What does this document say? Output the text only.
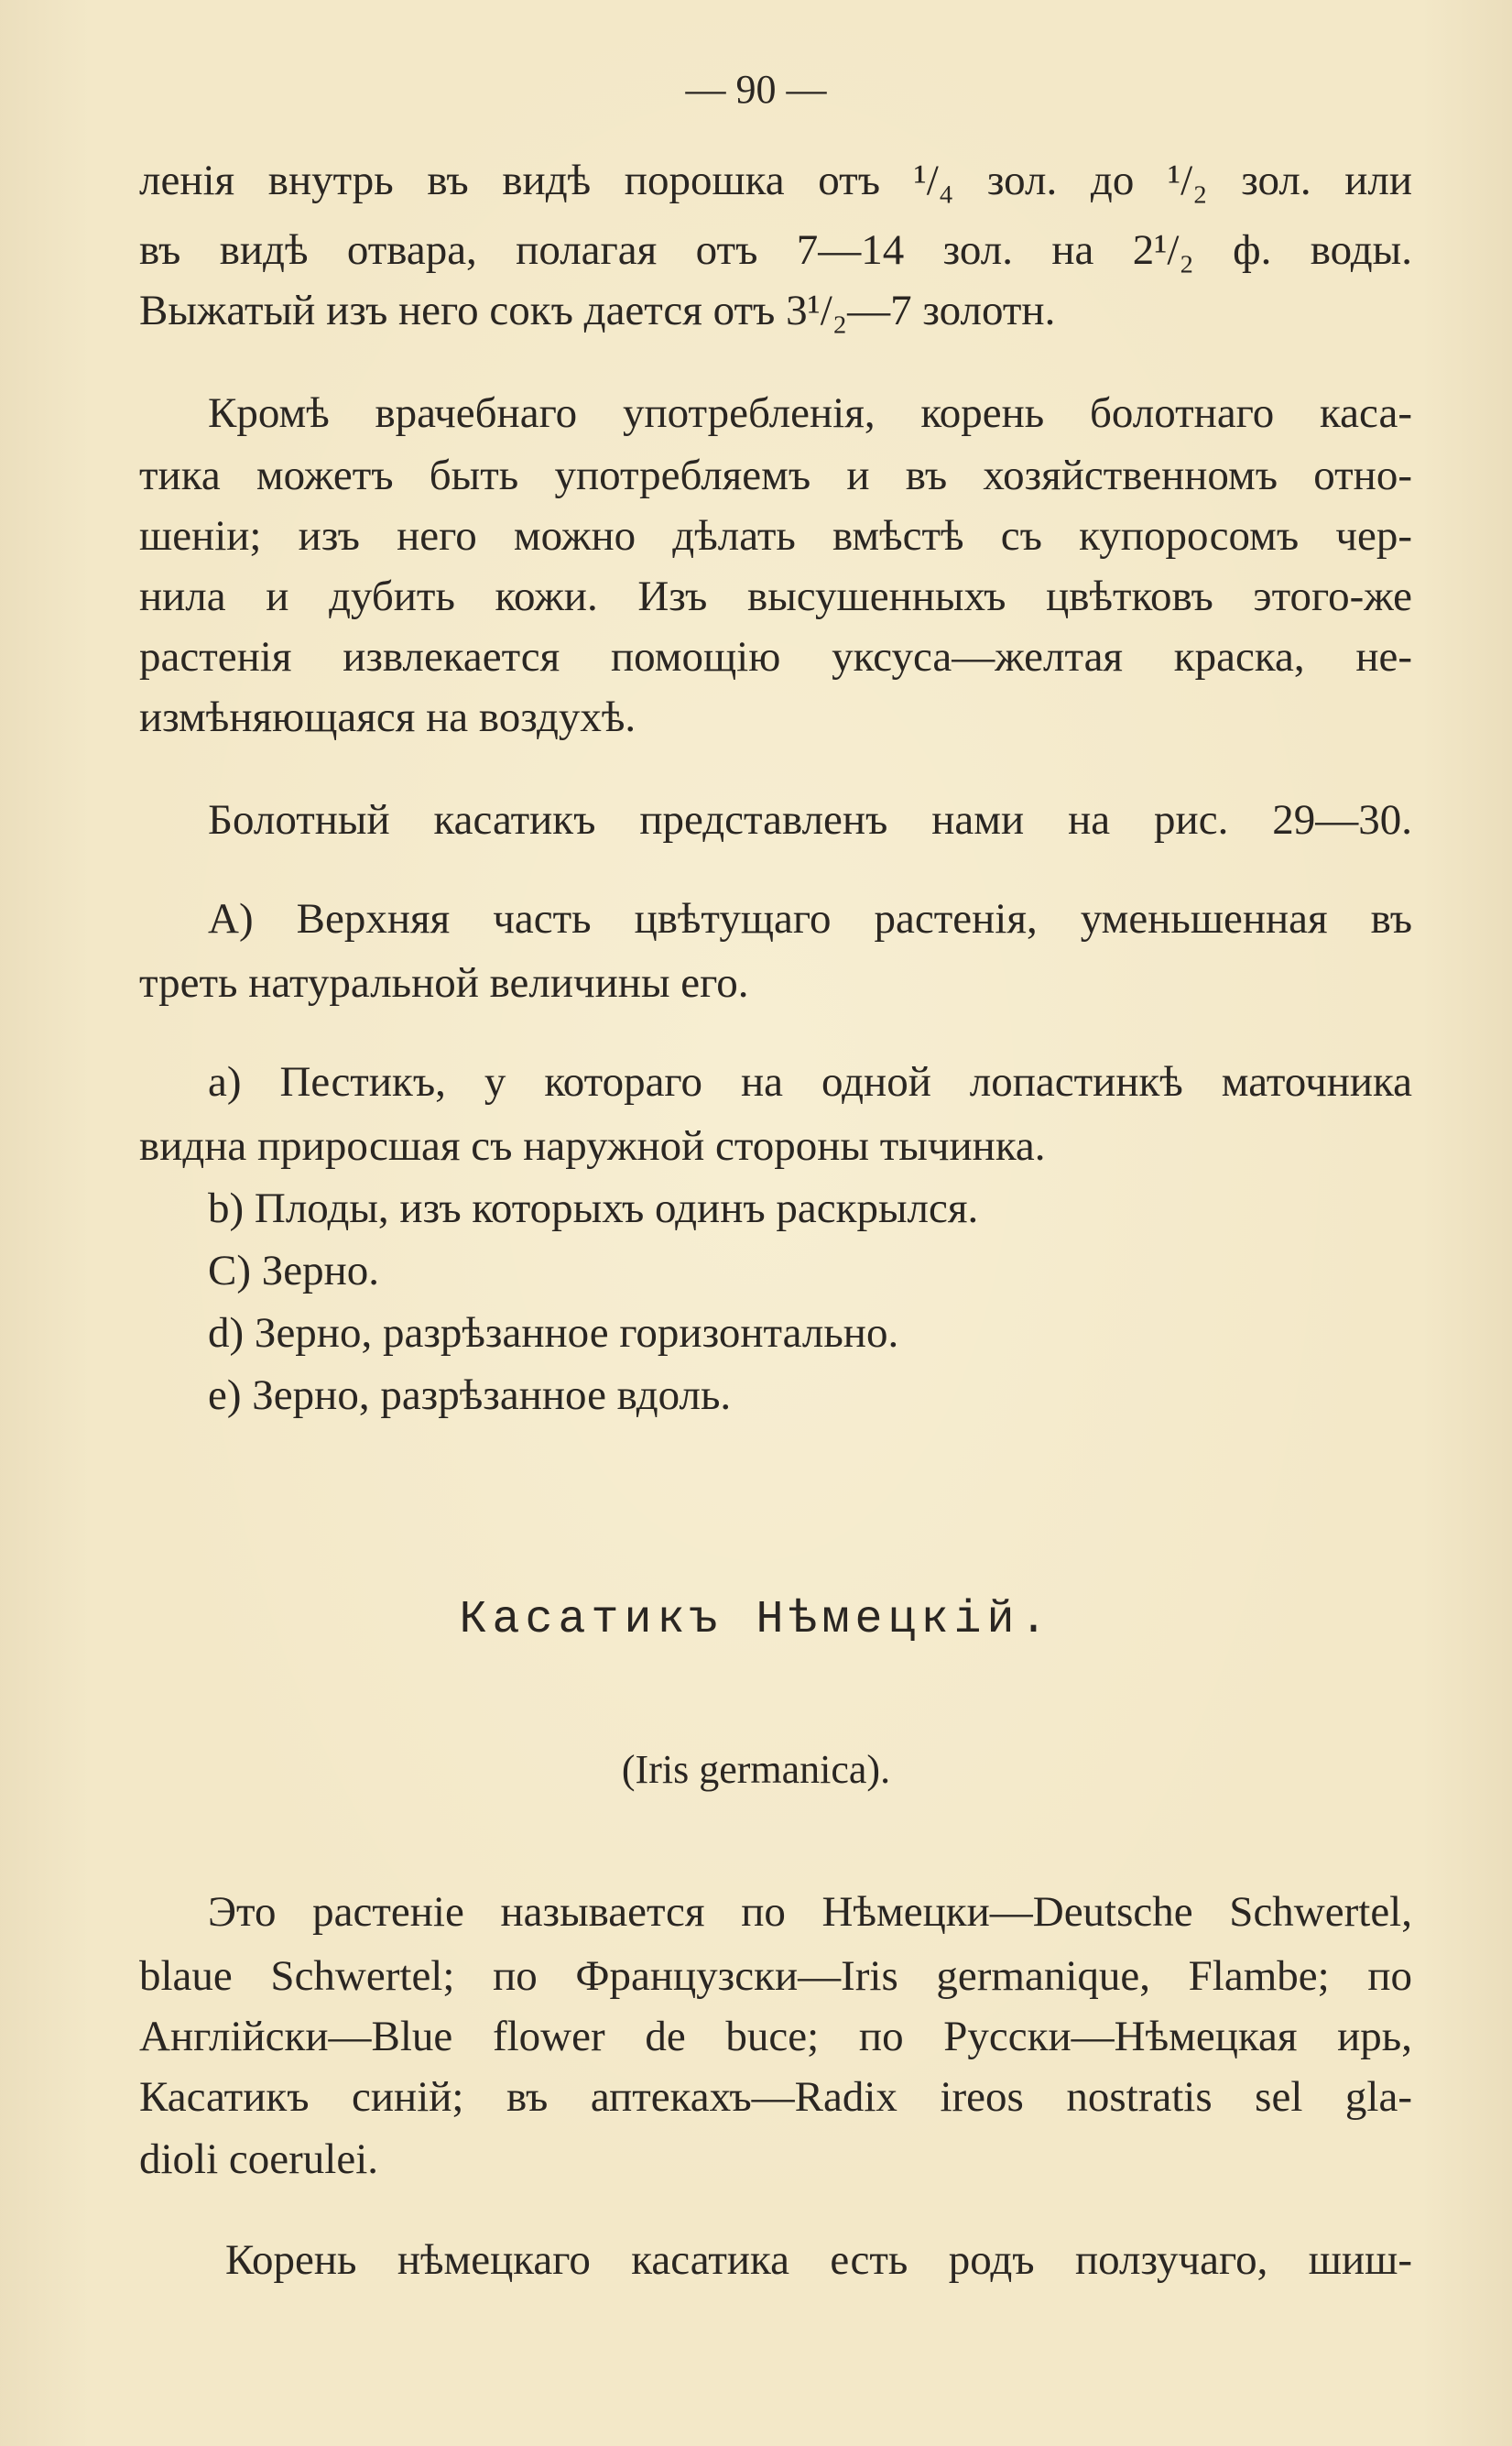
— 90 —
ленія внутрь въ видѣ порошка отъ ¹/₄ зол. до ¹/₂ зол. или
въ видѣ отвара, полагая отъ 7—14 зол. на 2¹/₂ ф. воды.
Выжатый изъ него сокъ дается отъ 3¹/₂—7 золотн.
Кромѣ врачебнаго употребленія, корень болотнаго каса-
тика можетъ быть употребляемъ и въ хозяйственномъ отно-
шеніи; изъ него можно дѣлать вмѣстѣ съ купоросомъ чер-
нила и дубить кожи. Изъ высушенныхъ цвѣтковъ этого-же
растенія извлекается помощію уксуса—желтая краска, не-
измѣняющаяся на воздухѣ.
Болотный касатикъ представленъ нами на рис. 29—30.
А) Верхняя часть цвѣтущаго растенія, уменьшенная въ
треть натуральной величины его.
а) Пестикъ, у котораго на одной лопастинкѣ маточника
видна приросшая съ наружной стороны тычинка.
b) Плоды, изъ которыхъ одинъ раскрылся.
С) Зерно.
d) Зерно, разрѣзанное горизонтально.
е) Зерно, разрѣзанное вдоль.
Касатикъ Нѣмецкій.
(Iris germanica).
Это растеніе называется по Нѣмецки—Deutsche Schwertel,
blaue Schwertel; по Французски—Iris germanique, Flambe; по
Англійски—Blue flower de buce; по Русски—Нѣмецкая ирь,
Касатикъ синій; въ аптекахъ—Radix ireos nostratis sel gla-
dioli coerulei.
Корень нѣмецкаго касатика есть родъ ползучаго, шиш-
